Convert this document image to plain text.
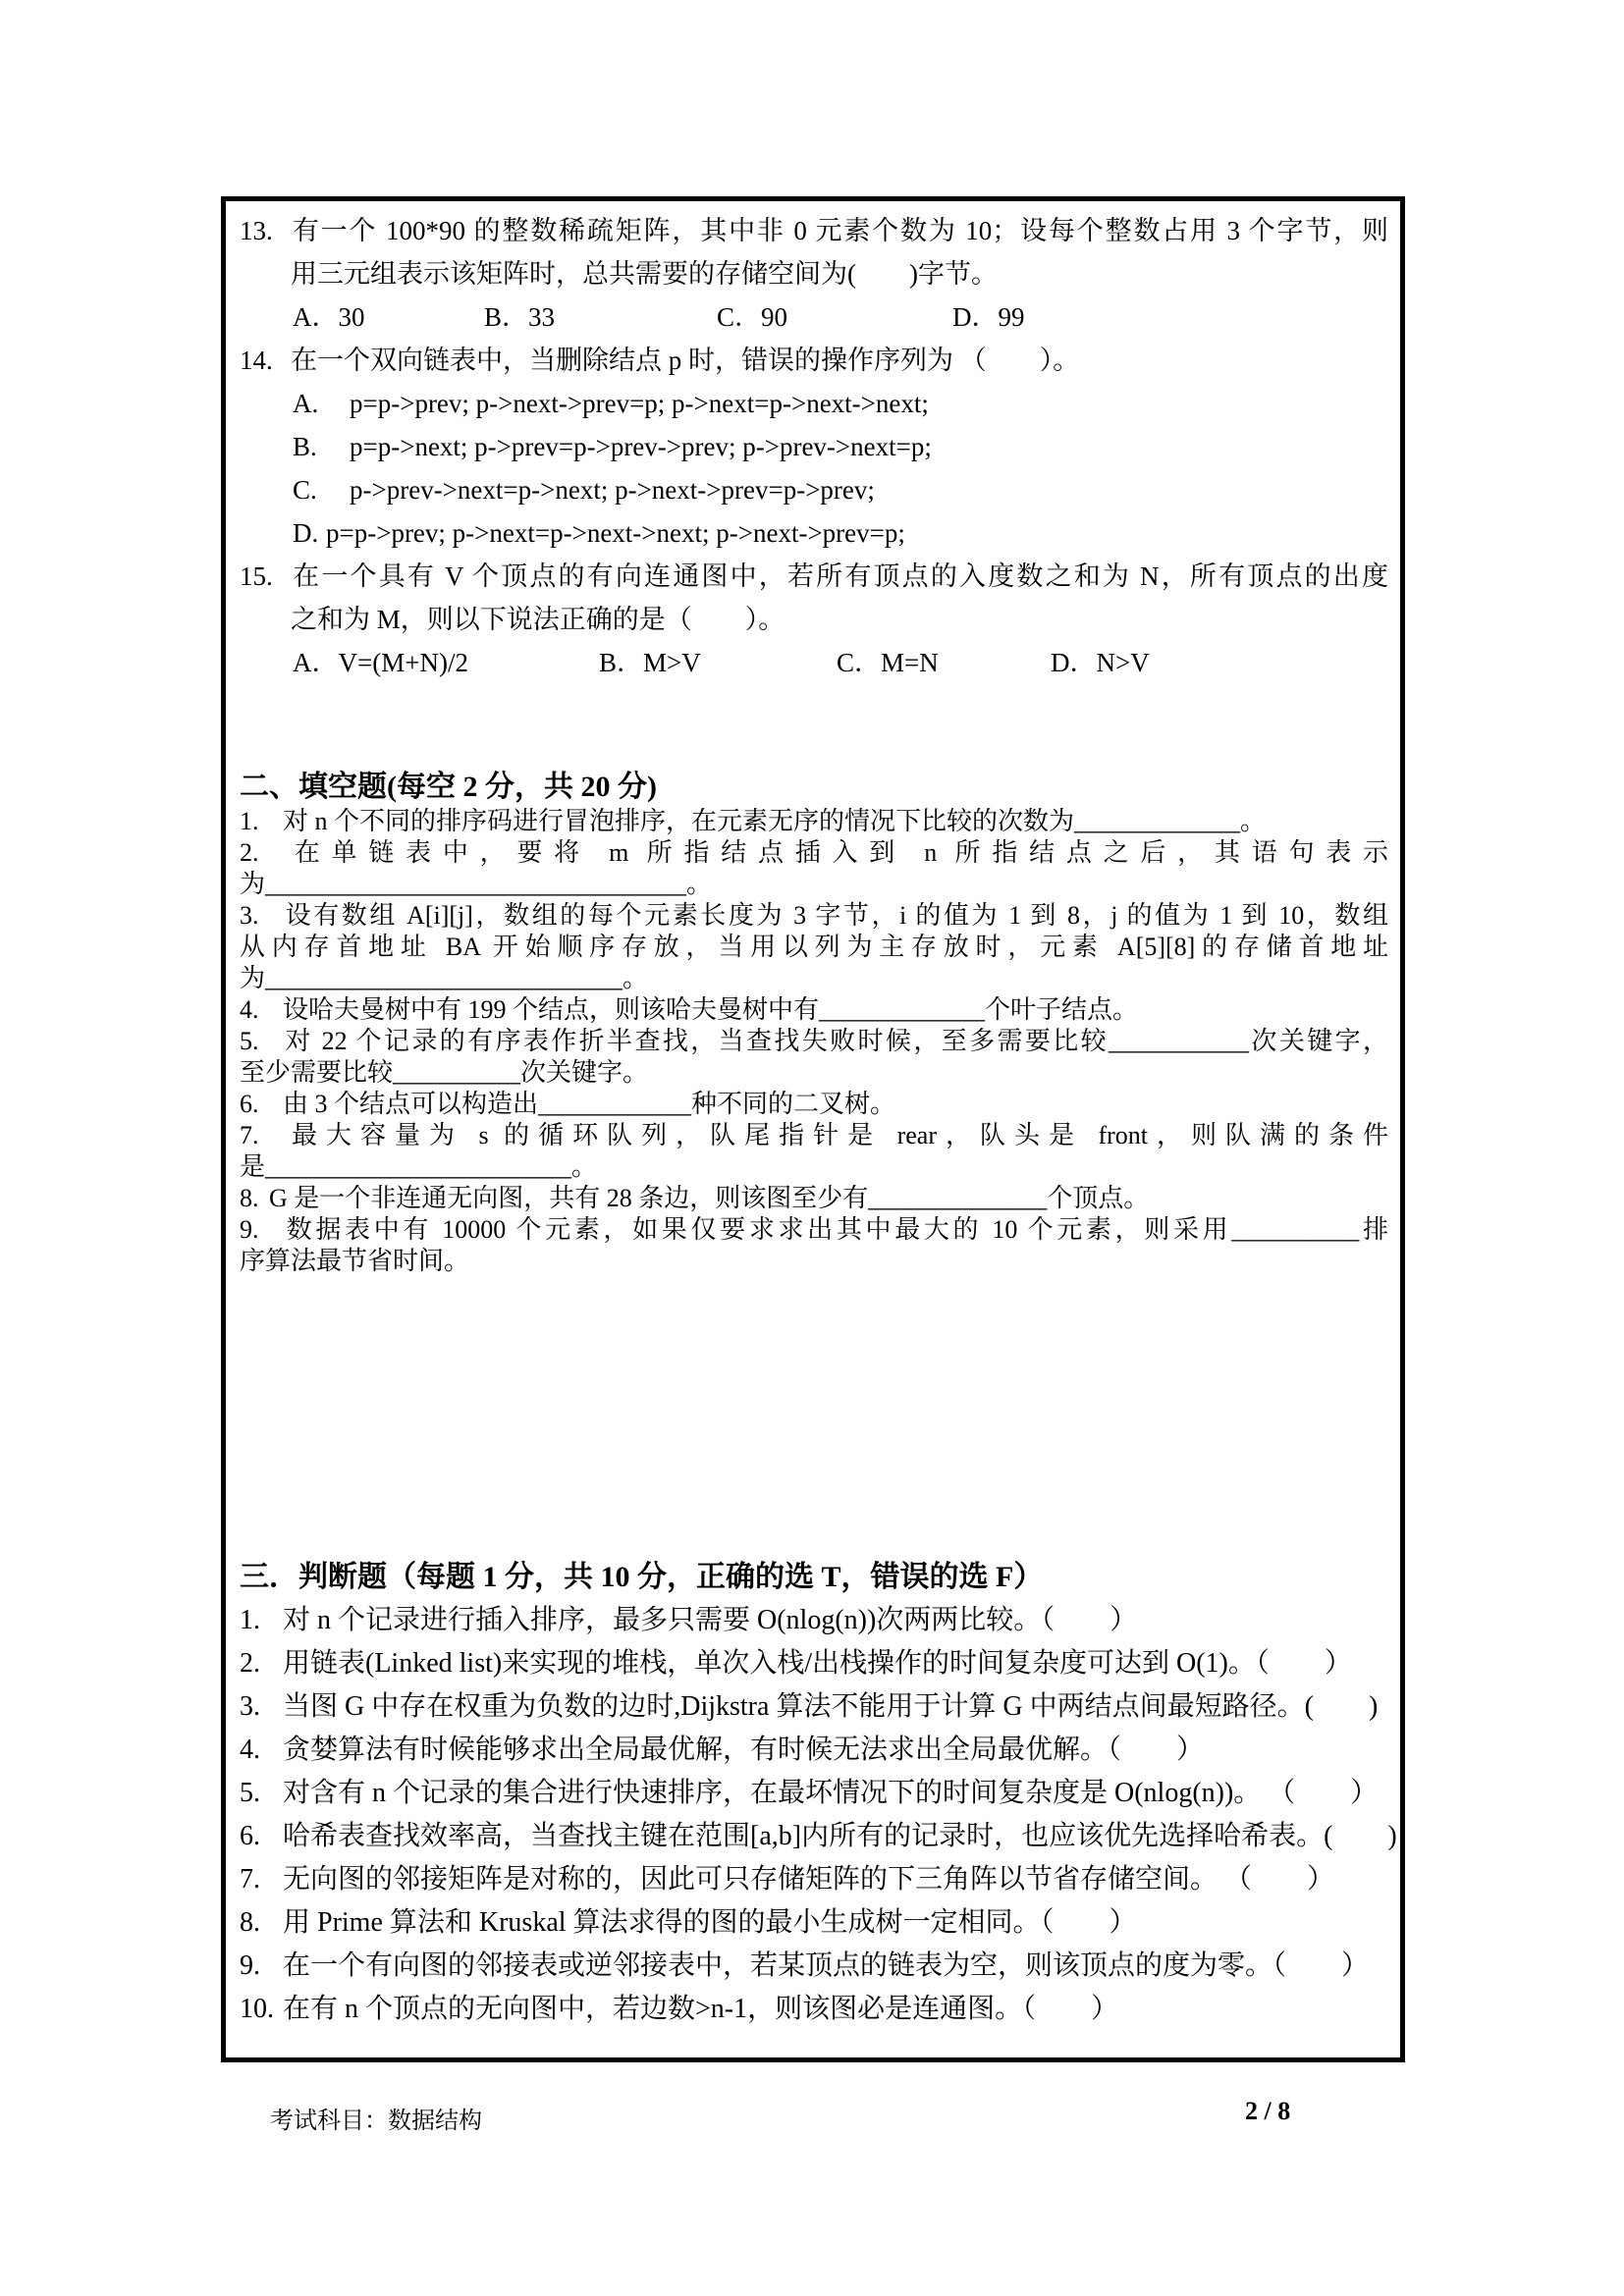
13. 有一个 100*90 的整数稀疏矩阵，其中非 0 元素个数为 10；设每个整数占用 3 个字节，则
用三元组表示该矩阵时，总共需要的存储空间为(　　)字节。
A．30	B．33	C．90	D．99
14. 在一个双向链表中，当删除结点 p 时，错误的操作序列为 （　　）。
A. p=p->prev; p->next->prev=p; p->next=p->next->next;
B. p=p->next; p->prev=p->prev->prev; p->prev->next=p;
C. p->prev->next=p->next; p->next->prev=p->prev;
D. p=p->prev; p->next=p->next->next; p->next->prev=p;
15. 在一个具有 V 个顶点的有向连通图中，若所有顶点的入度数之和为 N，所有顶点的出度
之和为 M，则以下说法正确的是（　　）。
A．V=(M+N)/2	B．M>V	C．M=N	D．N>V
二、填空题(每空 2 分，共 20 分)
1. 对 n 个不同的排序码进行冒泡排序，在元素无序的情况下比较的次数为_____________。
2. 在单链表中，要将 m 所指结点插入到 n 所指结点之后，其语句表示
为_________________________________。
3. 设有数组 A[i][j]，数组的每个元素长度为 3 字节，i 的值为 1 到 8，j 的值为 1 到 10，数组
从内存首地址 BA 开始顺序存放，当用以列为主存放时，元素 A[5][8]的存储首地址
为____________________________。
4. 设哈夫曼树中有 199 个结点，则该哈夫曼树中有_____________个叶子结点。
5. 对 22 个记录的有序表作折半查找，当查找失败时候，至多需要比较___________次关键字，
至少需要比较__________次关键字。
6. 由 3 个结点可以构造出____________种不同的二叉树。
7. 最大容量为 s 的循环队列，队尾指针是 rear，队头是 front，则队满的条件
是________________________。
8. G 是一个非连通无向图，共有 28 条边，则该图至少有______________个顶点。
9. 数据表中有 10000 个元素，如果仅要求求出其中最大的 10 个元素，则采用__________排
序算法最节省时间。
三．判断题（每题 1 分，共 10 分，正确的选 T，错误的选 F）
1. 对 n 个记录进行插入排序，最多只需要 O(nlog(n))次两两比较。（　　）
2. 用链表(Linked list)来实现的堆栈，单次入栈/出栈操作的时间复杂度可达到 O(1)。（　　）
3. 当图 G 中存在权重为负数的边时,Dijkstra 算法不能用于计算 G 中两结点间最短路径。(　　)
4. 贪婪算法有时候能够求出全局最优解，有时候无法求出全局最优解。（　　）
5. 对含有 n 个记录的集合进行快速排序，在最坏情况下的时间复杂度是 O(nlog(n))。 （　　）
6. 哈希表查找效率高，当查找主键在范围[a,b]内所有的记录时，也应该优先选择哈希表。(　　)
7. 无向图的邻接矩阵是对称的，因此可只存储矩阵的下三角阵以节省存储空间。 （　　）
8. 用 Prime 算法和 Kruskal 算法求得的图的最小生成树一定相同。（　　）
9. 在一个有向图的邻接表或逆邻接表中，若某顶点的链表为空，则该顶点的度为零。（　　）
10. 在有 n 个顶点的无向图中，若边数>n-1，则该图必是连通图。（　　）
考试科目：数据结构	2 / 8
